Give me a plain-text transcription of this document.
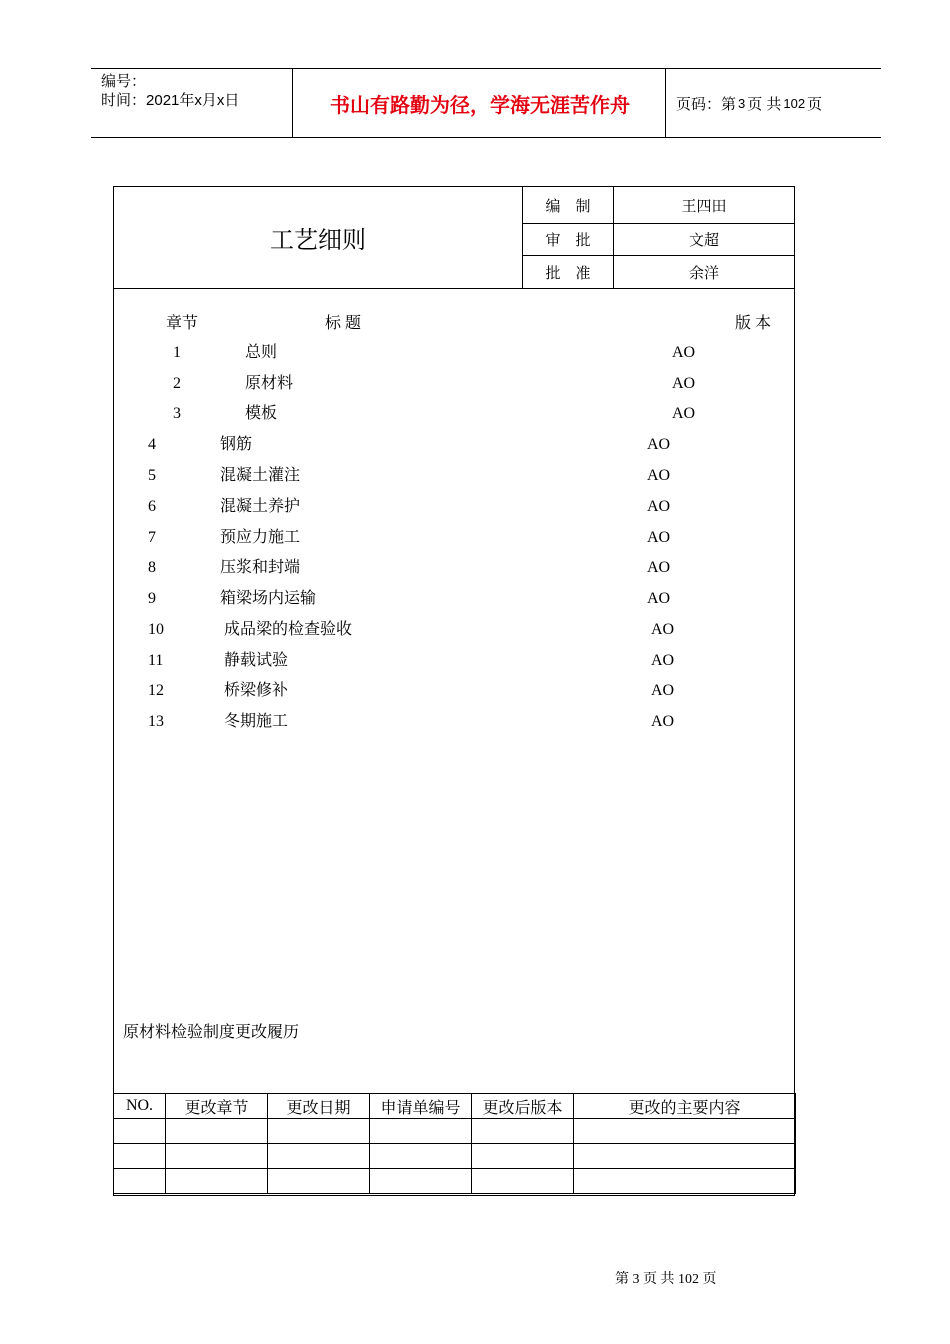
编号：
时间：2021年x月x日	书山有路勤为径，学海无涯苦作舟	页码：第 3 页 共 102 页
工艺细则
编　制	王四田
审　批	文超
批　准	余洋
章节	标 题	版 本
1	总则	AO
2	原材料	AO
3	模板	AO
4	钢筋	AO
5	混凝土灌注	AO
6	混凝土养护	AO
7	预应力施工	AO
8	压浆和封端	AO
9	箱梁场内运输	AO
10	成品梁的检查验收	AO
11	静载试验	AO
12	桥梁修补	AO
13	冬期施工	AO
原材料检验制度更改履历
NO.	更改章节	更改日期	申请单编号	更改后版本	更改的主要内容

第 3 页 共 102 页
